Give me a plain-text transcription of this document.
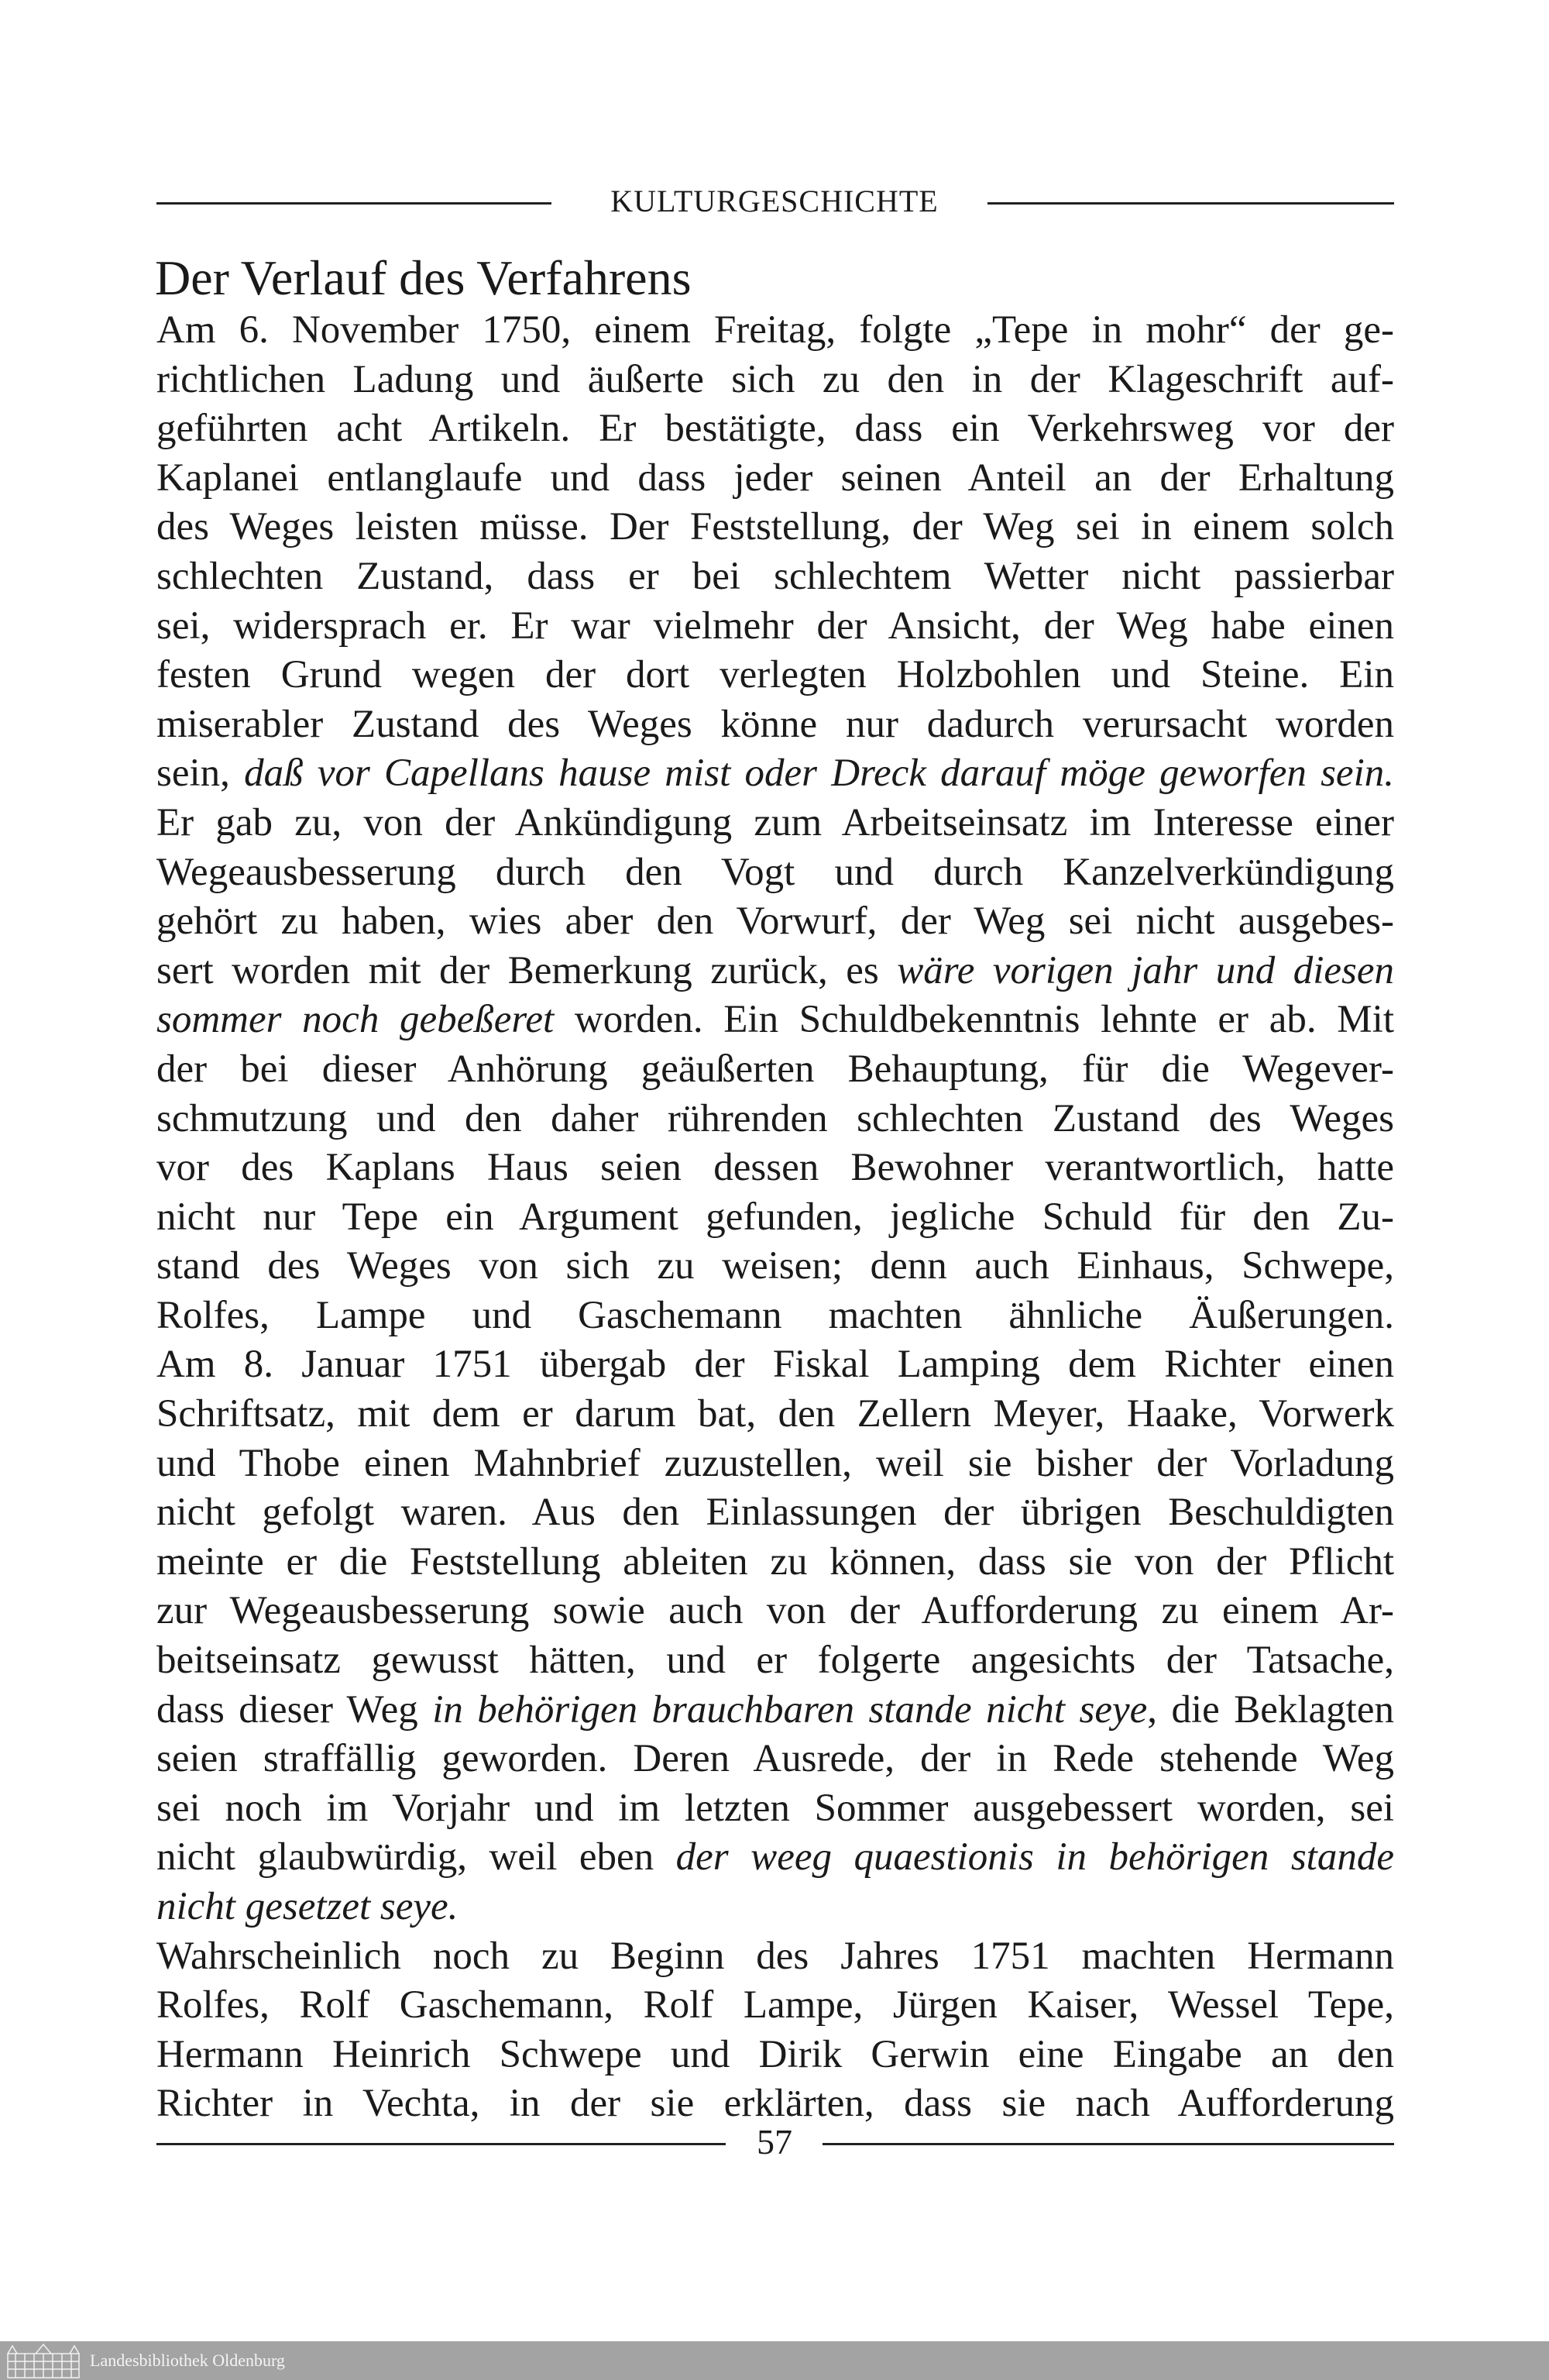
KULTURGESCHICHTE
Der Verlauf des Verfahrens
Am 6. November 1750, einem Freitag, folgte „Tepe in mohr“ der ge-
richtlichen Ladung und äußerte sich zu den in der Klageschrift auf-
geführten acht Artikeln. Er bestätigte, dass ein Verkehrsweg vor der
Kaplanei entlanglaufe und dass jeder seinen Anteil an der Erhaltung
des Weges leisten müsse. Der Feststellung, der Weg sei in einem solch
schlechten Zustand, dass er bei schlechtem Wetter nicht passierbar
sei, widersprach er. Er war vielmehr der Ansicht, der Weg habe einen
festen Grund wegen der dort verlegten Holzbohlen und Steine. Ein
miserabler Zustand des Weges könne nur dadurch verursacht worden
sein, daß vor Capellans hause mist oder Dreck darauf möge geworfen sein.
Er gab zu, von der Ankündigung zum Arbeitseinsatz im Interesse einer
Wegeausbesserung durch den Vogt und durch Kanzelverkündigung
gehört zu haben, wies aber den Vorwurf, der Weg sei nicht ausgebes-
sert worden mit der Bemerkung zurück, es wäre vorigen jahr und diesen
sommer noch gebeßeret worden. Ein Schuldbekenntnis lehnte er ab. Mit
der bei dieser Anhörung geäußerten Behauptung, für die Wegever-
schmutzung und den daher rührenden schlechten Zustand des Weges
vor des Kaplans Haus seien dessen Bewohner verantwortlich, hatte
nicht nur Tepe ein Argument gefunden, jegliche Schuld für den Zu-
stand des Weges von sich zu weisen; denn auch Einhaus, Schwepe,
Rolfes, Lampe und Gaschemann machten ähnliche Äußerungen.
Am 8. Januar 1751 übergab der Fiskal Lamping dem Richter einen
Schriftsatz, mit dem er darum bat, den Zellern Meyer, Haake, Vorwerk
und Thobe einen Mahnbrief zuzustellen, weil sie bisher der Vorladung
nicht gefolgt waren. Aus den Einlassungen der übrigen Beschuldigten
meinte er die Feststellung ableiten zu können, dass sie von der Pflicht
zur Wegeausbesserung sowie auch von der Aufforderung zu einem Ar-
beitseinsatz gewusst hätten, und er folgerte angesichts der Tatsache,
dass dieser Weg in behörigen brauchbaren stande nicht seye, die Beklagten
seien straffällig geworden. Deren Ausrede, der in Rede stehende Weg
sei noch im Vorjahr und im letzten Sommer ausgebessert worden, sei
nicht glaubwürdig, weil eben der weeg quaestionis in behörigen stande
nicht gesetzet seye.
Wahrscheinlich noch zu Beginn des Jahres 1751 machten Hermann
Rolfes, Rolf Gaschemann, Rolf Lampe, Jürgen Kaiser, Wessel Tepe,
Hermann Heinrich Schwepe und Dirik Gerwin eine Eingabe an den
Richter in Vechta, in der sie erklärten, dass sie nach Aufforderung
57
Landesbibliothek Oldenburg
